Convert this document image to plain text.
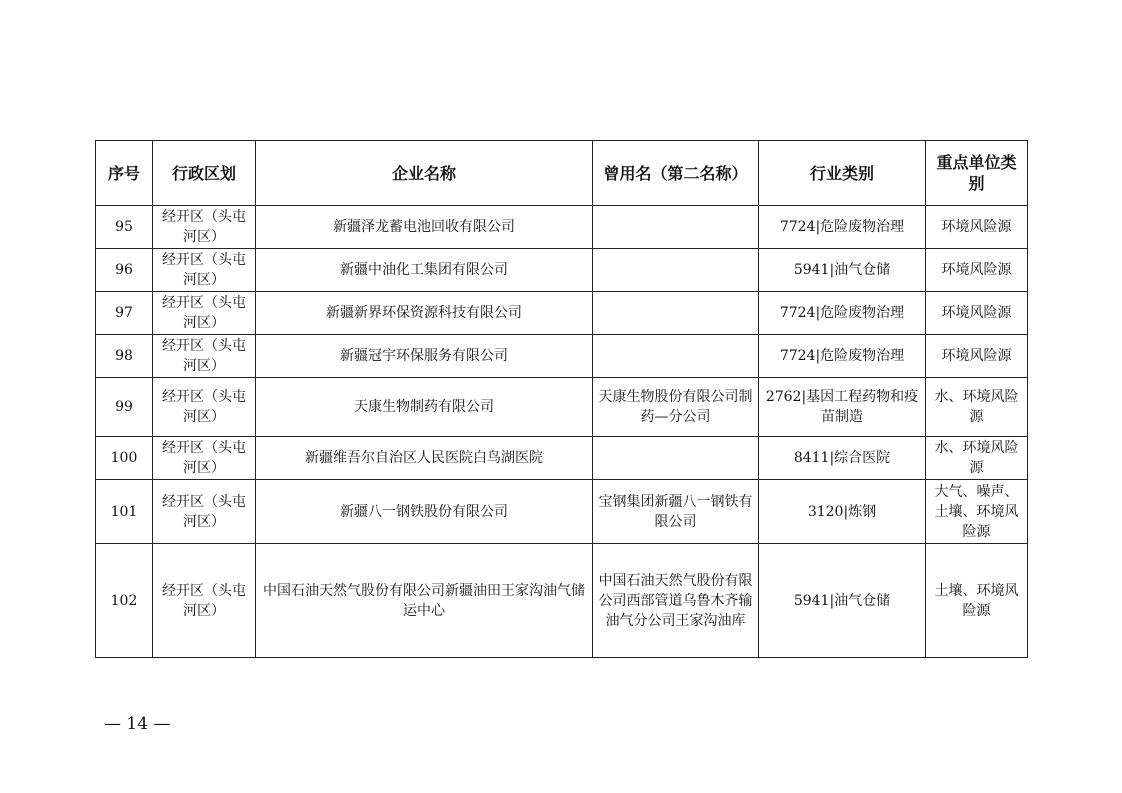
序号	行政区划	企业名称	曾用名（第二名称）	行业类别	重点单位类别
95	经开区（头屯河区）	新疆泽龙蓄电池回收有限公司		7724|危险废物治理	环境风险源
96	经开区（头屯河区）	新疆中油化工集团有限公司		5941|油气仓储	环境风险源
97	经开区（头屯河区）	新疆新界环保资源科技有限公司		7724|危险废物治理	环境风险源
98	经开区（头屯河区）	新疆冠宇环保服务有限公司		7724|危险废物治理	环境风险源
99	经开区（头屯河区）	天康生物制药有限公司	天康生物股份有限公司制药—分公司	2762|基因工程药物和疫苗制造	水、环境风险源
100	经开区（头屯河区）	新疆维吾尔自治区人民医院白鸟湖医院		8411|综合医院	水、环境风险源
101	经开区（头屯河区）	新疆八一钢铁股份有限公司	宝钢集团新疆八一钢铁有限公司	3120|炼钢	大气、噪声、土壤、环境风险源
102	经开区（头屯河区）	中国石油天然气股份有限公司新疆油田王家沟油气储运中心	中国石油天然气股份有限公司西部管道乌鲁木齐输油气分公司王家沟油库	5941|油气仓储	土壤、环境风险源
— 14 —
